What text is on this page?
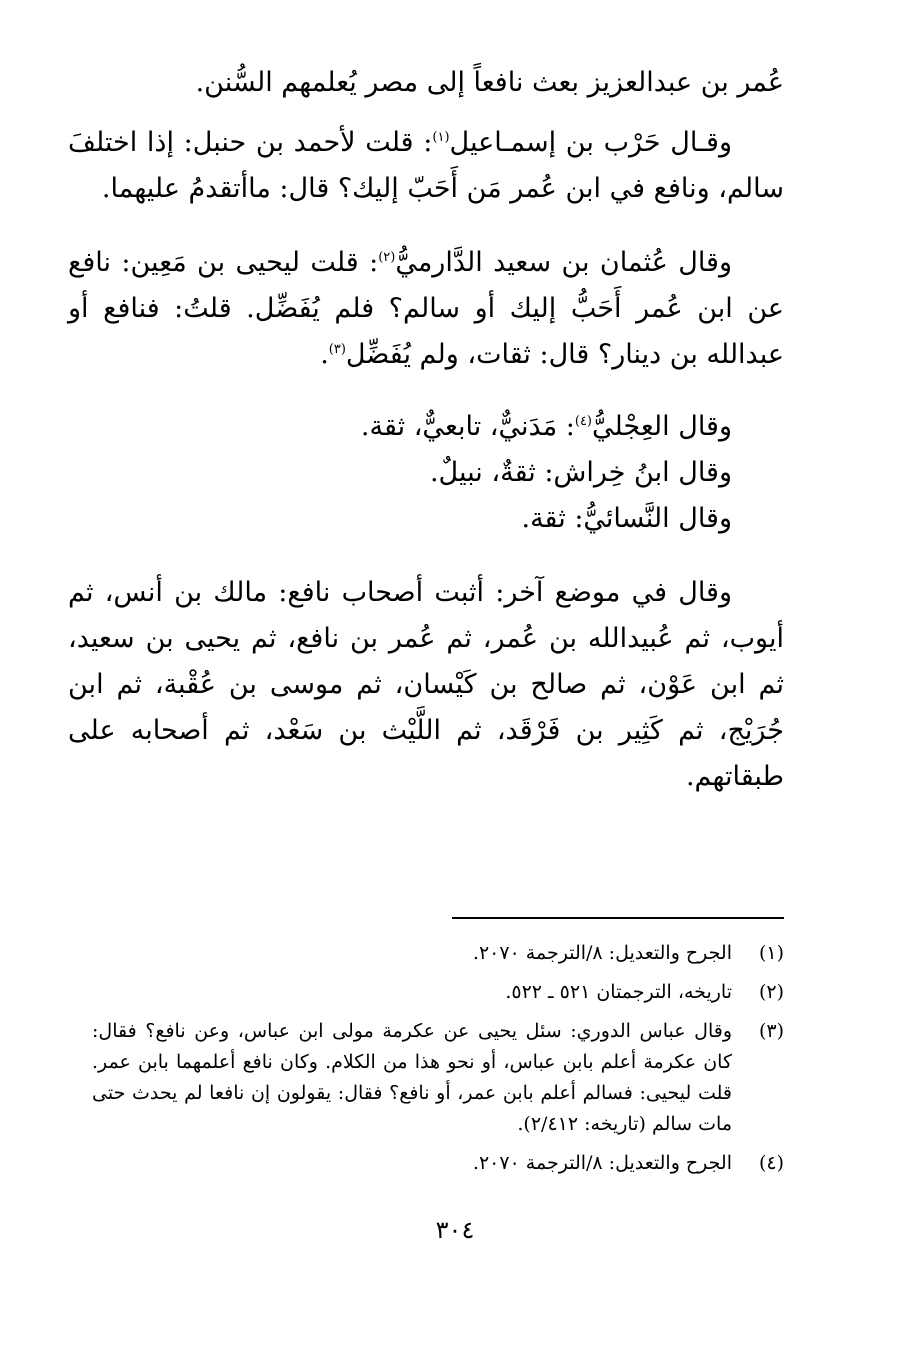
عُمر بن عبدالعزيز بعث نافعاً إلى مصر يُعلمهم السُّنن.

وقـال حَرْب بن إسمـاعيل$^{(١)}$: قلت لأحمد بن حنبل: إذا اختلفَ سالم، ونافع في ابن عُمر مَن أَحَبّ إليك؟ قال: ماأتقدمُ عليهما.

وقال عُثمان بن سعيد الدَّارميُّ$^{(٢)}$: قلت ليحيى بن مَعِين: نافع عن ابن عُمر أَحَبُّ إليك أو سالم؟ فلم يُفَضِّل. قلتُ: فنافع أو عبدالله بن دينار؟ قال: ثقات، ولم يُفَضِّل$^{(٣)}$.

وقال العِجْليُّ$^{(٤)}$: مَدَنيٌّ، تابعيٌّ، ثقة.

وقال ابنُ خِراش: ثقةٌ، نبيلٌ.

وقال النَّسائيُّ: ثقة.

وقال في موضع آخر: أثبت أصحاب نافع: مالك بن أنس، ثم أيوب، ثم عُبيدالله بن عُمر، ثم عُمر بن نافع، ثم يحيى بن سعيد، ثم ابن عَوْن، ثم صالح بن كَيْسان، ثم موسى بن عُقْبة، ثم ابن جُرَيْج، ثم كَثِير بن فَرْقَد، ثم اللَّيْث بن سَعْد، ثم أصحابه على طبقاتهم.

(١)
الجرح والتعديل: ٨/الترجمة ٢٠٧٠.

(٢)
تاريخه، الترجمتان ٥٢١ ـ ٥٢٢.

(٣)
وقال عباس الدوري: سئل يحيى عن عكرمة مولى ابن عباس، وعن نافع؟ فقال: كان عكرمة أعلم بابن عباس، أو نحو هذا من الكلام. وكان نافع أعلمهما بابن عمر. قلت ليحيى: فسالم أعلم بابن عمر، أو نافع؟ فقال: يقولون إن نافعا لم يحدث حتى مات سالم (تاريخه: ٢/٤١٢).

(٤)
الجرح والتعديل: ٨/الترجمة ٢٠٧٠.

٣٠٤
